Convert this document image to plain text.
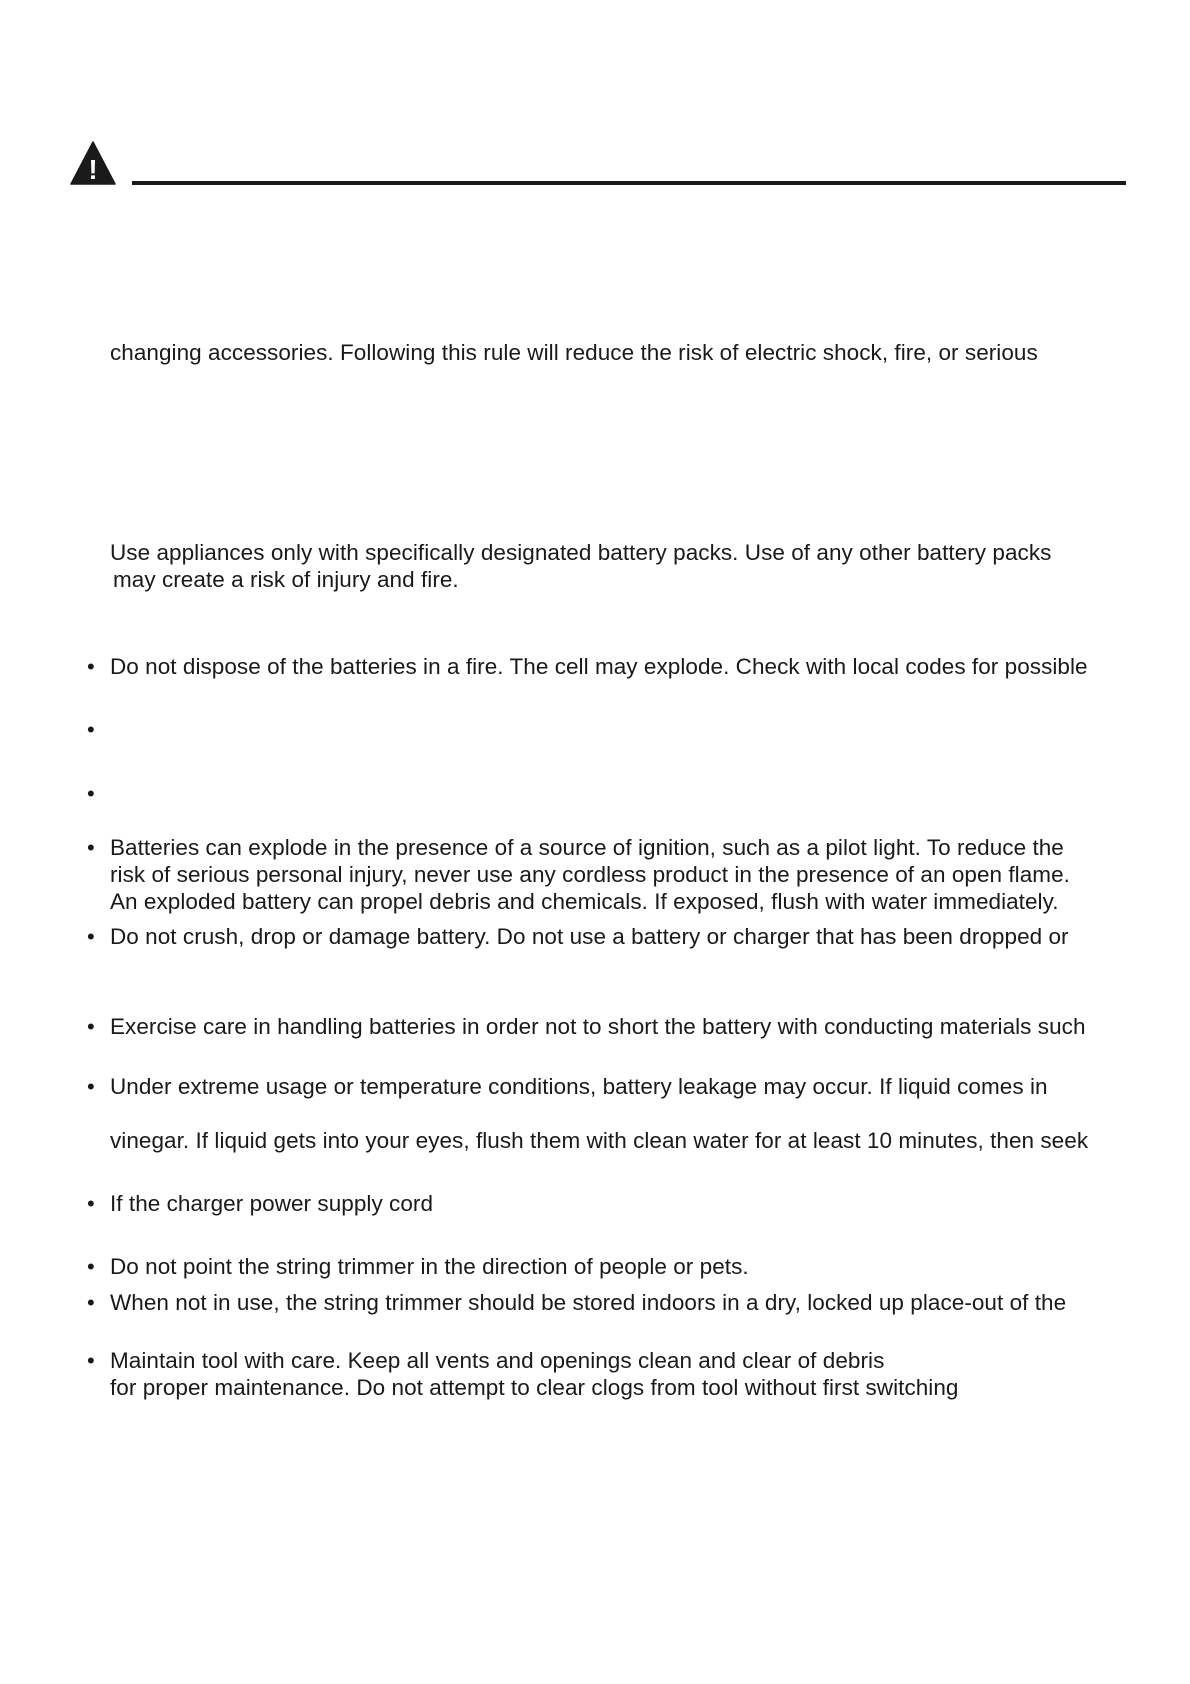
!
changing accessories. Following this rule will reduce the risk of electric shock, fire, or serious
Use appliances only with specifically designated battery packs. Use of any other battery packs
may create a risk of injury and fire.
• Do not dispose of the batteries in a fire. The cell may explode. Check with local codes for possible
•
•
• Batteries can explode in the presence of a source of ignition, such as a pilot light. To reduce the
risk of serious personal injury, never use any cordless product in the presence of an open flame.
An exploded battery can propel debris and chemicals. If exposed, flush with water immediately.
• Do not crush, drop or damage battery. Do not use a battery or charger that has been dropped or
• Exercise care in handling batteries in order not to short the battery with conducting materials such
• Under extreme usage or temperature conditions, battery leakage may occur. If liquid comes in
vinegar. If liquid gets into your eyes, flush them with clean water for at least 10 minutes, then seek
• If the charger power supply cord
• Do not point the string trimmer in the direction of people or pets.
• When not in use, the string trimmer should be stored indoors in a dry, locked up place-out of the
• Maintain tool with care. Keep all vents and openings clean and clear of debris
for proper maintenance. Do not attempt to clear clogs from tool without first switching
